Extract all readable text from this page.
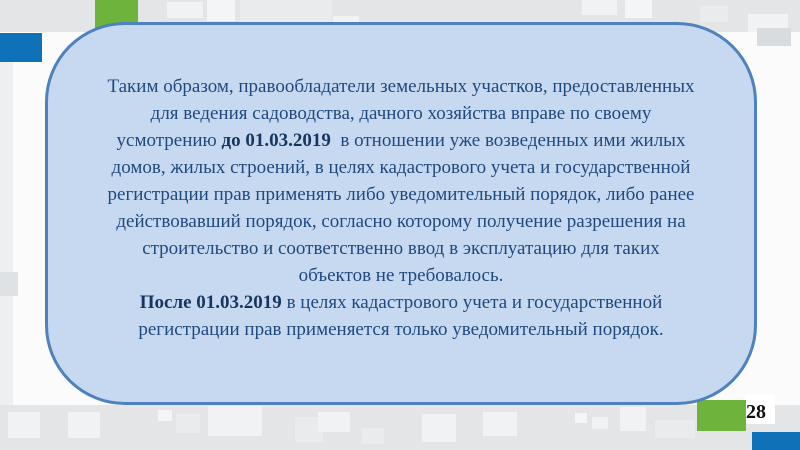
28
Таким образом, правообладатели земельных участков, предоставленных
для ведения садоводства, дачного хозяйства вправе по своему
усмотрению до 01.03.2019  в отношении уже возведенных ими жилых
домов, жилых строений, в целях кадастрового учета и государственной
регистрации прав применять либо уведомительный порядок, либо ранее
действовавший порядок, согласно которому получение разрешения на
строительство и соответственно ввод в эксплуатацию для таких
объектов не требовалось.
После 01.03.2019 в целях кадастрового учета и государственной
регистрации прав применяется только уведомительный порядок.
